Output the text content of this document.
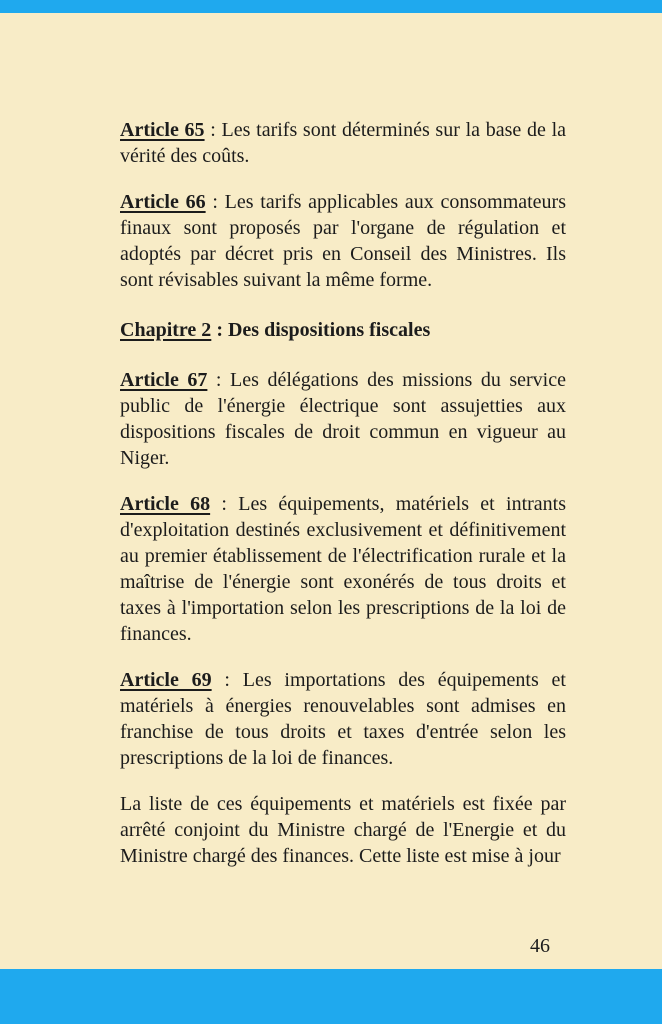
Article 65 : Les tarifs sont déterminés sur la base de la vérité des coûts.

Article 66 : Les tarifs applicables aux consommateurs finaux sont proposés par l'organe de régulation et adoptés par décret pris en Conseil des Ministres. Ils sont révisables suivant la même forme.

Chapitre 2 : Des dispositions fiscales

Article 67 : Les délégations des missions du service public de l'énergie électrique sont assujetties aux dispositions fiscales de droit commun en vigueur au Niger.

Article 68 : Les équipements, matériels et intrants d'exploitation destinés exclusivement et définitivement au premier établissement de l'électrification rurale et la maîtrise de l'énergie sont exonérés de tous droits et taxes à l'importation selon les prescriptions de la loi de finances.

Article 69 : Les importations des équipements et matériels à énergies renouvelables sont admises en franchise de tous droits et taxes d'entrée selon les prescriptions de la loi de finances.

La liste de ces équipements et matériels est fixée par arrêté conjoint du Ministre chargé de l'Energie et du Ministre chargé des finances. Cette liste est mise à jour

46
